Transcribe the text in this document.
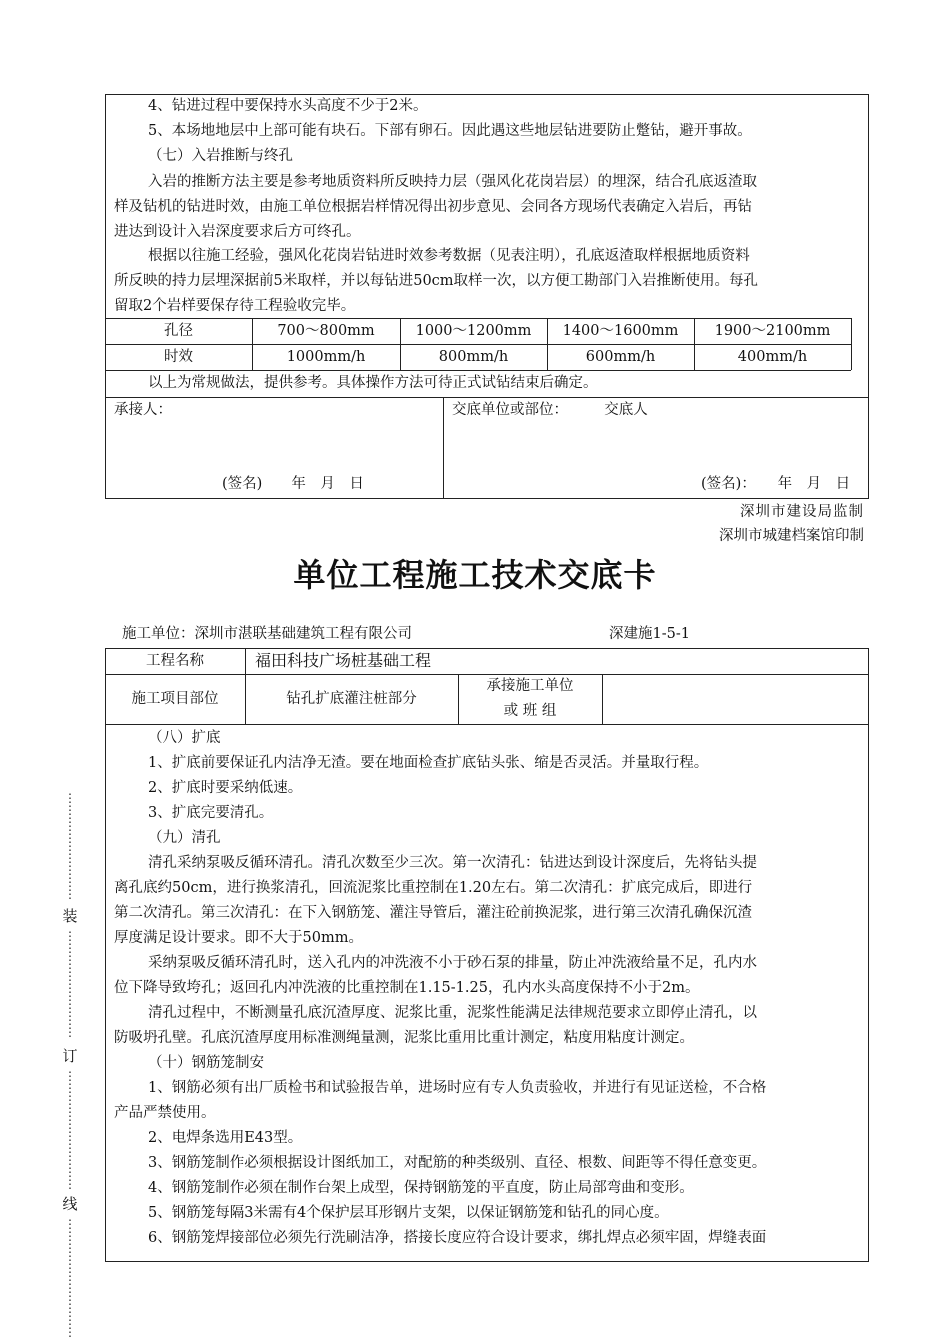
4、钻进过程中要保持水头高度不少于2米。
5、本场地地层中上部可能有块石。下部有卵石。因此遇这些地层钻进要防止蹩钻，避开事故。
（七）入岩推断与终孔
入岩的推断方法主要是参考地质资料所反映持力层（强风化花岗岩层）的埋深，结合孔底返渣取
样及钻机的钻进时效，由施工单位根据岩样情况得出初步意见、会同各方现场代表确定入岩后，再钻
进达到设计入岩深度要求后方可终孔。
根据以往施工经验，强风化花岗岩钻进时效参考数据（见表注明），孔底返渣取样根据地质资料
所反映的持力层埋深据前5米取样，并以每钻进50cm取样一次，以方便工勘部门入岩推断使用。每孔
留取2个岩样要保存待工程验收完毕。
孔径	700～800mm	1000～1200mm	1400～1600mm	1900～2100mm
时效	1000mm/h	800mm/h	600mm/h	400mm/h
以上为常规做法，提供参考。具体操作方法可待正式试钻结束后确定。
承接人：
(签名)　　年　月　日
交底单位或部位：　　　交底人
(签名)：　　年　月　日
深圳市建设局监制
深圳市城建档案馆印制
单位工程施工技术交底卡
施工单位：深圳市湛联基础建筑工程有限公司	深建施1-5-1
工程名称	福田科技广场桩基础工程
施工项目部位	钻孔扩底灌注桩部分
承接施工单位
或 班 组
（八）扩底
1、扩底前要保证孔内洁净无渣。要在地面检查扩底钻头张、缩是否灵活。并量取行程。
2、扩底时要采纳低速。
3、扩底完要清孔。
（九）清孔
清孔采纳泵吸反循环清孔。清孔次数至少三次。第一次清孔：钻进达到设计深度后，先将钻头提
离孔底约50cm，进行换浆清孔，回流泥浆比重控制在1.20左右。第二次清孔：扩底完成后，即进行
第二次清孔。第三次清孔：在下入钢筋笼、灌注导管后，灌注砼前换泥浆，进行第三次清孔确保沉渣
厚度满足设计要求。即不大于50mm。
采纳泵吸反循环清孔时，送入孔内的冲洗液不小于砂石泵的排量，防止冲洗液给量不足，孔内水
位下降导致垮孔；返回孔内冲洗液的比重控制在1.15-1.25，孔内水头高度保持不小于2m。
清孔过程中，不断测量孔底沉渣厚度、泥浆比重，泥浆性能满足法律规范要求立即停止清孔，以
防吸坍孔壁。孔底沉渣厚度用标准测绳量测，泥浆比重用比重计测定，粘度用粘度计测定。
（十）钢筋笼制安
1、钢筋必须有出厂质检书和试验报告单，进场时应有专人负责验收，并进行有见证送检，不合格
产品严禁使用。
2、电焊条选用E43型。
3、钢筋笼制作必须根据设计图纸加工，对配筋的种类级别、直径、根数、间距等不得任意变更。
4、钢筋笼制作必须在制作台架上成型，保持钢筋笼的平直度，防止局部弯曲和变形。
5、钢筋笼每隔3米需有4个保护层耳形钢片支架，以保证钢筋笼和钻孔的同心度。
6、钢筋笼焊接部位必须先行洗刷洁净，搭接长度应符合设计要求，绑扎焊点必须牢固，焊缝表面
⋮⋮⋮⋮⋮⋮⋮⋮⋮
装
⋮⋮⋮⋮⋮⋮⋮⋮⋮
订
⋮⋮⋮⋮⋮⋮⋮⋮⋮⋮
线
⋮⋮⋮⋮⋮⋮⋮⋮⋮⋮
